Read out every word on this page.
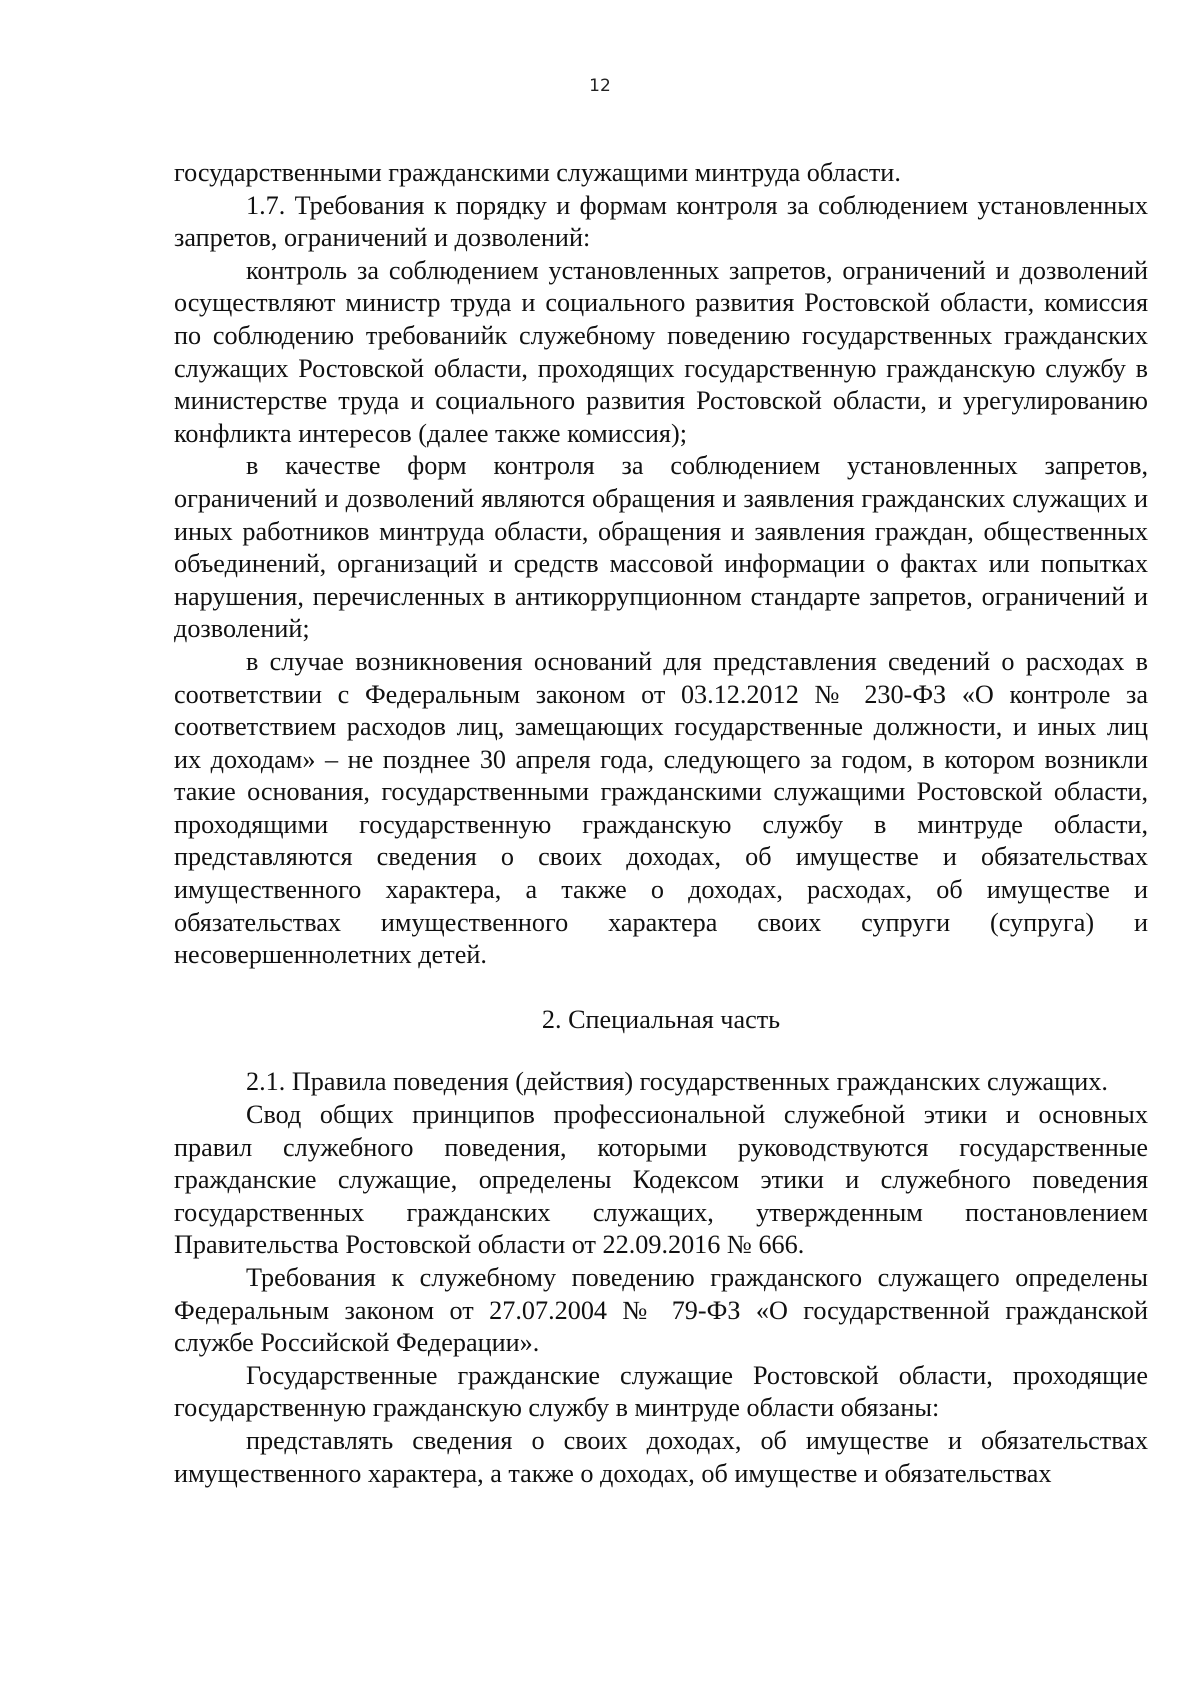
12

государственными гражданскими служащими минтруда области.

1.7. Требования к порядку и формам контроля за соблюдением установленных запретов, ограничений и дозволений:

контроль за соблюдением установленных запретов, ограничений и дозволений осуществляют министр труда и социального развития Ростовской области, комиссия по соблюдению требованийк служебному поведению государственных гражданских служащих Ростовской области, проходящих государственную гражданскую службу в министерстве труда и социального развития Ростовской области, и урегулированию конфликта интересов (далее также комиссия);

в качестве форм контроля за соблюдением установленных запретов, ограничений и дозволений являются обращения и заявления гражданских служащих и иных работников минтруда области, обращения и заявления граждан, общественных объединений, организаций и средств массовой информации о фактах или попытках нарушения, перечисленных в антикоррупционном стандарте запретов, ограничений и дозволений;

в случае возникновения оснований для представления сведений о расходах в соответствии с Федеральным законом от 03.12.2012 № 230-ФЗ «О контроле за соответствием расходов лиц, замещающих государственные должности, и иных лиц их доходам» – не позднее 30 апреля года, следующего за годом, в котором возникли такие основания, государственными гражданскими служащими Ростовской области, проходящими государственную гражданскую службу в минтруде области, представляются сведения о своих доходах, об имуществе и обязательствах имущественного характера, а также о доходах, расходах, об имуществе и обязательствах имущественного характера своих супруги (супруга) и несовершеннолетних детей.

2. Специальная часть

2.1. Правила поведения (действия) государственных гражданских служащих.

Свод общих принципов профессиональной служебной этики и основных правил служебного поведения, которыми руководствуются государственные гражданские служащие, определены Кодексом этики и служебного поведения государственных гражданских служащих, утвержденным постановлением Правительства Ростовской области от 22.09.2016 № 666.

Требования к служебному поведению гражданского служащего определены Федеральным законом от 27.07.2004 № 79-ФЗ «О государственной гражданской службе Российской Федерации».

Государственные гражданские служащие Ростовской области, проходящие государственную гражданскую службу в минтруде области обязаны:

представлять сведения о своих доходах, об имуществе и обязательствах имущественного характера, а также о доходах, об имуществе и обязательствах
